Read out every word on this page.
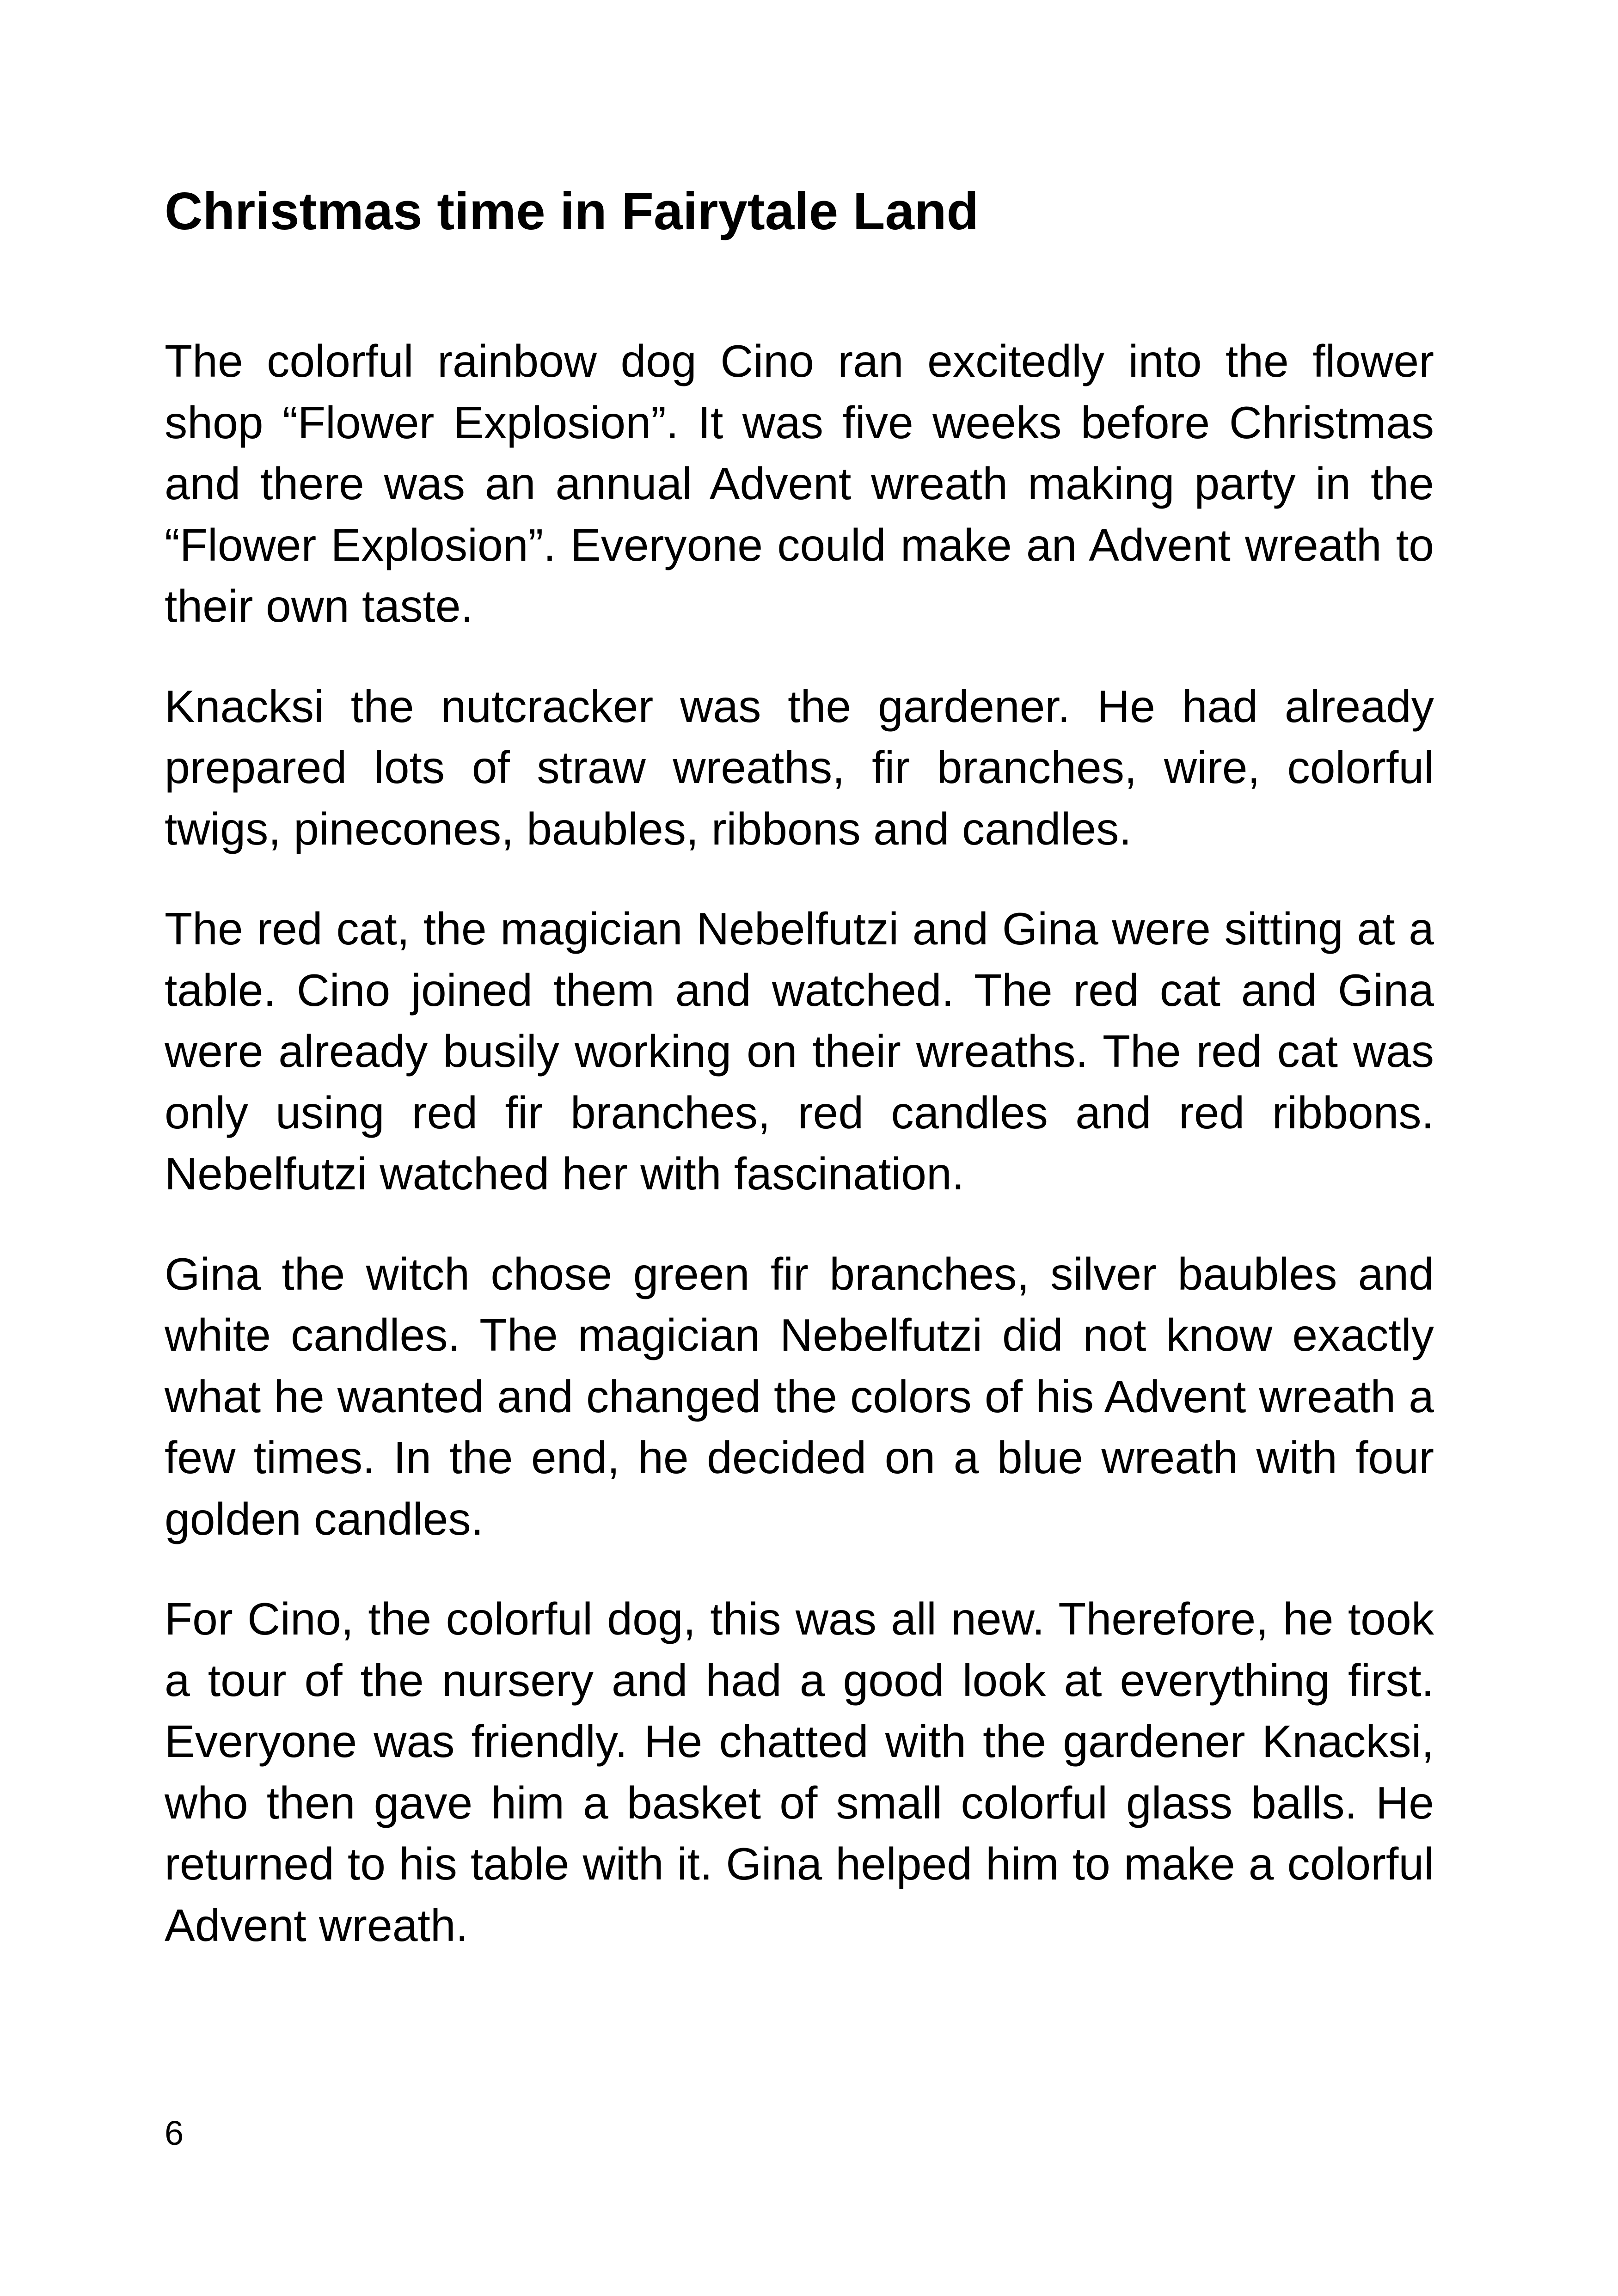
Christmas time in Fairytale Land

The colorful rainbow dog Cino ran excitedly into the flower shop “Flower Explosion”. It was five weeks before Christmas and there was an annual Advent wreath making party in the “Flower Explosion”. Everyone could make an Advent wreath to their own taste.

Knacksi the nutcracker was the gardener. He had already prepared lots of straw wreaths, fir branches, wire, colorful twigs, pinecones, baubles, ribbons and candles.

The red cat, the magician Nebelfutzi and Gina were sitting at a table. Cino joined them and watched. The red cat and Gina were already busily working on their wreaths. The red cat was only using red fir branches, red candles and red ribbons. Nebelfutzi watched her with fascination.

Gina the witch chose green fir branches, silver baubles and white candles. The magician Nebelfutzi did not know exactly what he wanted and changed the colors of his Advent wreath a few times. In the end, he decided on a blue wreath with four golden candles.

For Cino, the colorful dog, this was all new. Therefore, he took a tour of the nursery and had a good look at everything first. Everyone was friendly. He chatted with the gardener Knacksi, who then gave him a basket of small colorful glass balls. He returned to his table with it. Gina helped him to make a colorful Advent wreath.

6
